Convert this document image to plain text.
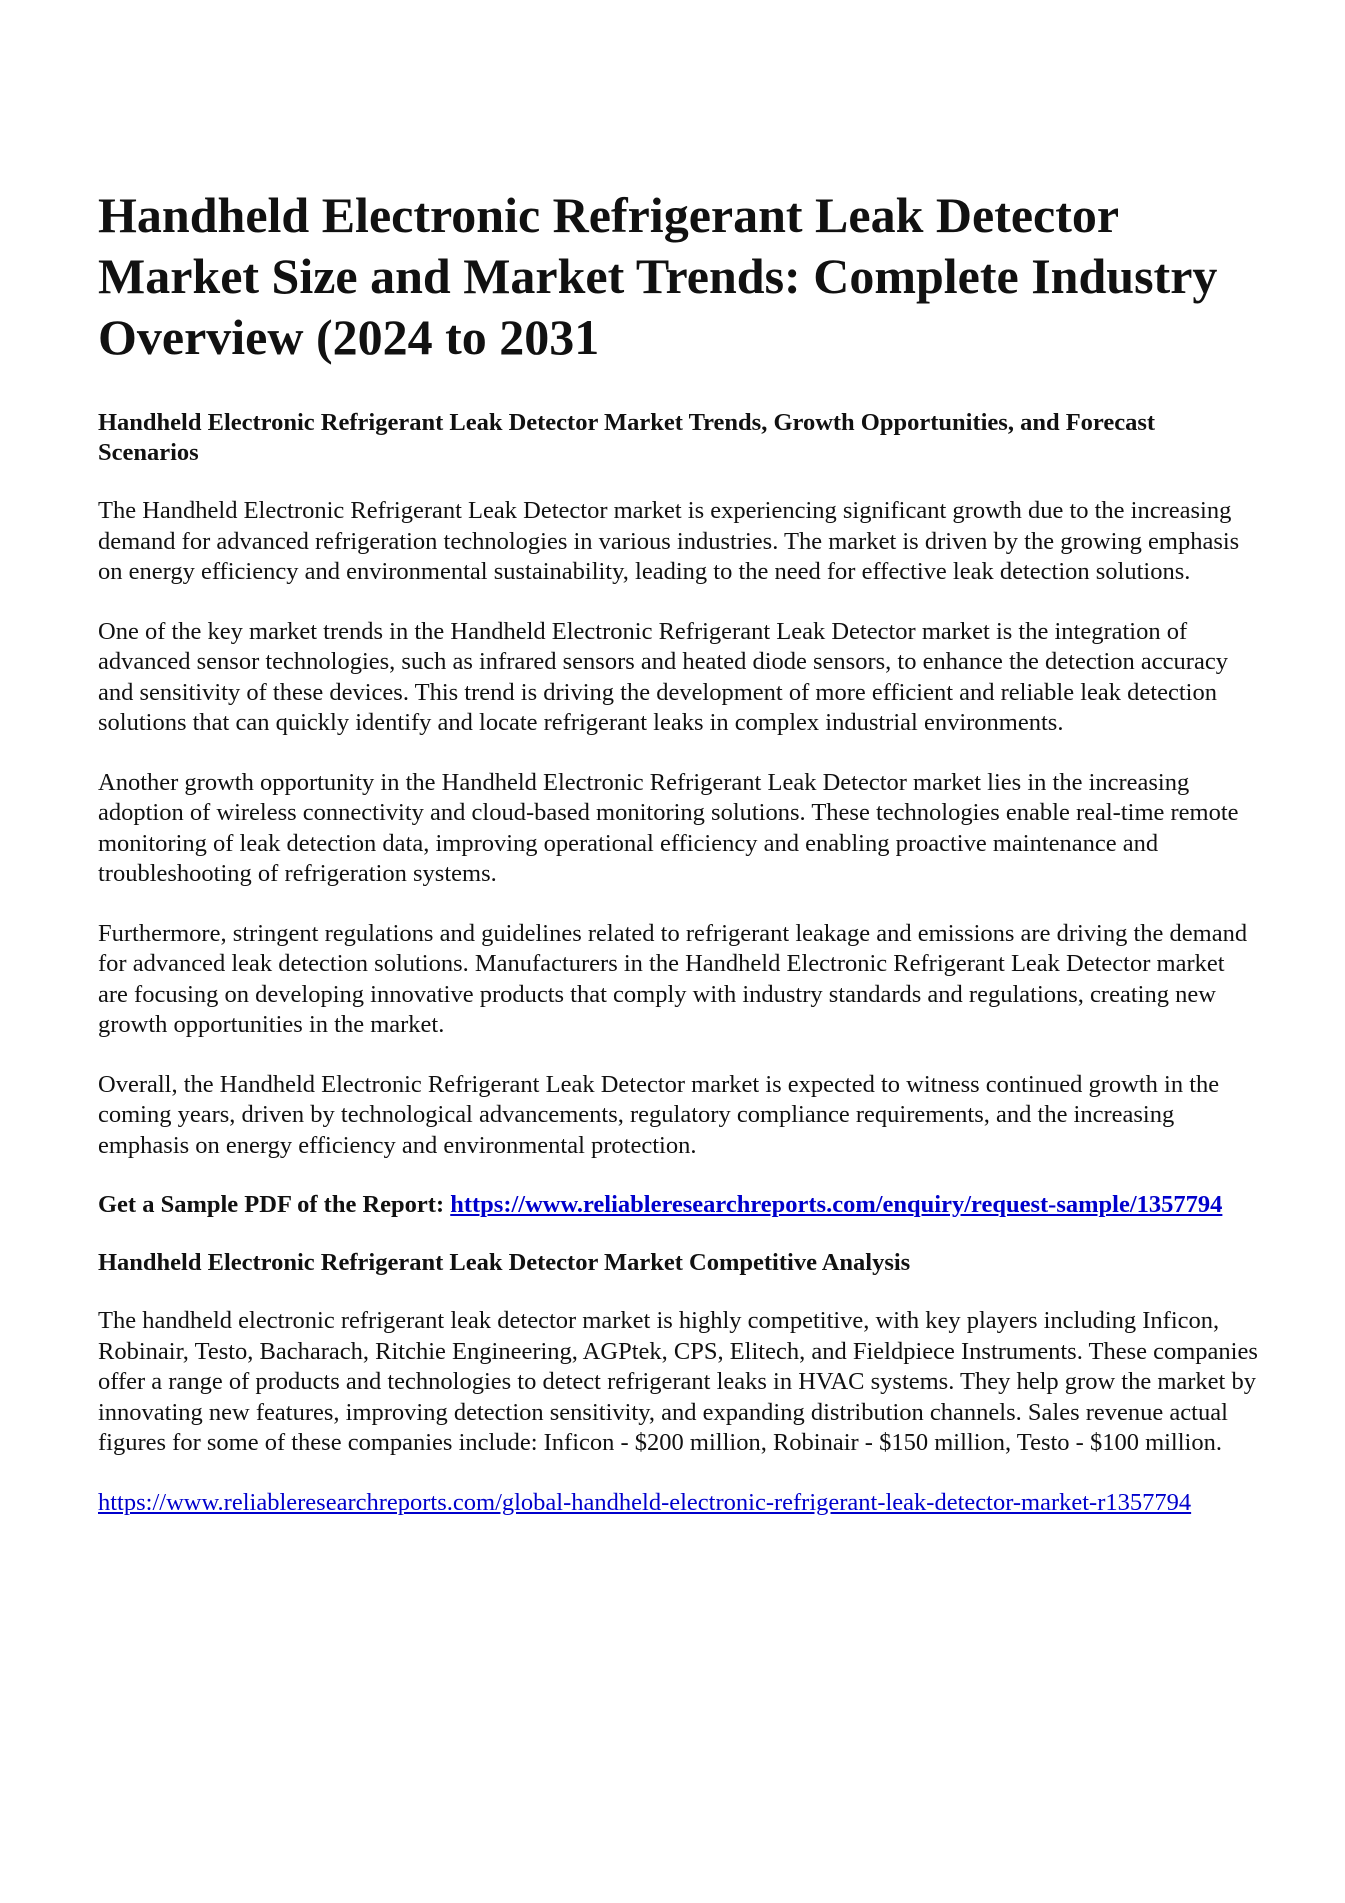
Handheld Electronic Refrigerant Leak Detector Market Size and Market Trends: Complete Industry Overview (2024 to 2031
Handheld Electronic Refrigerant Leak Detector Market Trends, Growth Opportunities, and Forecast Scenarios

The Handheld Electronic Refrigerant Leak Detector market is experiencing significant growth due to the increasing demand for advanced refrigeration technologies in various industries. The market is driven by the growing emphasis on energy efficiency and environmental sustainability, leading to the need for effective leak detection solutions.

One of the key market trends in the Handheld Electronic Refrigerant Leak Detector market is the integration of advanced sensor technologies, such as infrared sensors and heated diode sensors, to enhance the detection accuracy and sensitivity of these devices. This trend is driving the development of more efficient and reliable leak detection solutions that can quickly identify and locate refrigerant leaks in complex industrial environments.

Another growth opportunity in the Handheld Electronic Refrigerant Leak Detector market lies in the increasing adoption of wireless connectivity and cloud-based monitoring solutions. These technologies enable real-time remote monitoring of leak detection data, improving operational efficiency and enabling proactive maintenance and troubleshooting of refrigeration systems.

Furthermore, stringent regulations and guidelines related to refrigerant leakage and emissions are driving the demand for advanced leak detection solutions. Manufacturers in the Handheld Electronic Refrigerant Leak Detector market are focusing on developing innovative products that comply with industry standards and regulations, creating new growth opportunities in the market.

Overall, the Handheld Electronic Refrigerant Leak Detector market is expected to witness continued growth in the coming years, driven by technological advancements, regulatory compliance requirements, and the increasing emphasis on energy efficiency and environmental protection.

Get a Sample PDF of the Report: https://www.reliableresearchreports.com/enquiry/request-sample/1357794

Handheld Electronic Refrigerant Leak Detector Market Competitive Analysis

The handheld electronic refrigerant leak detector market is highly competitive, with key players including Inficon, Robinair, Testo, Bacharach, Ritchie Engineering, AGPtek, CPS, Elitech, and Fieldpiece Instruments. These companies offer a range of products and technologies to detect refrigerant leaks in HVAC systems. They help grow the market by innovating new features, improving detection sensitivity, and expanding distribution channels. Sales revenue actual figures for some of these companies include: Inficon - $200 million, Robinair - $150 million, Testo - $100 million.

https://www.reliableresearchreports.com/global-handheld-electronic-refrigerant-leak-detector-market-r1357794
